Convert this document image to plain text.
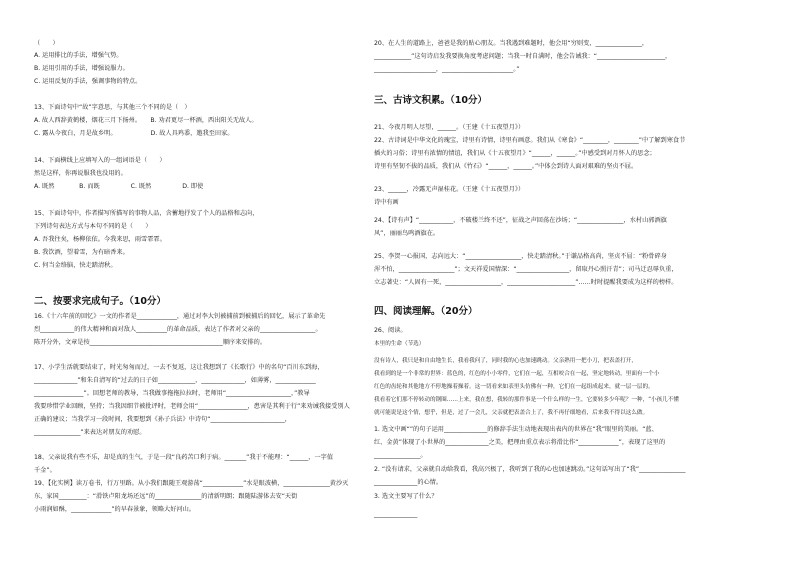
（　　）
A. 运用排比的手法，增强气势。
B. 运用引用的手法，增强说服力。
C. 运用反复的手法，强调事物的特点。
13、下面诗句中“故”字意思，与其他三个不同的是（　）
A. 故人西辞黄鹤楼，烟花三月下扬州。　　B. 劝君更尽一杯酒，西出阳关无故人。
C. 露从今夜白，月是故乡明。　　　　　　D. 故人具鸡黍，邀我至田家。
14、下面横线上应填写入的一组词语是（　　）
然是这样，你再说服我也没用的。
A. 既然　　　　B. 而既　　　　　C. 既然　　　　　D. 即使
15、下面诗句中，作者描写所描写的事物人品，含蓄地抒发了个人的品格和志向，
下列诗句表达方式与本句不同的是（　　）
A. 吾我往矣，杨柳依依。今我来思，雨雪霏霏。
B. 我饮酒，望着雪，为有暗香来。
C. 何当金络脑，快走踏清秋。
二、按要求完成句子。（10分）
16.《十六年前的回忆》一文的作者是_____________，通过对李大钊被捕前到被捕后的回忆，展示了革命先
烈___________的伟大精神和面对敌人__________的革命品质，表达了作者对父亲的__________________。
陈开分外，文章是按___________________________________________顺序来安排的。
17、小学生活就要结束了，时光匆匆而过，一去不复返，这让我想到了《长歌行》中的名句“百川东到海，
______________”和朱自清写的“过去的日子如____________，______________，如薄雾，_____________
________________”。回想老师的教导，当我做事拖拖拉拉时，老师用“_____________________，”教导
我要珍惜学业回顾，坚持；当我因细节被批评时，老师会用“________________，患害是其利于行”来劝诫我接受别人
正确的建议；当我学习一段时间，我要想到《孙子兵法》中诗句“________________________，
_______________”来表达对朋友的劝慰。
18、父亲说我有些不乐，却是真的生气，于是一段“良药苦口利于病。_______”我于不能理：“______，一字值
千金”。
19、【化实例】读万卷书，行万里路。从小我们跟随王观游荡“_____________”水是眼波横，_______________黄沙灭
东，家国_________：“滑铁卢阳龙场还远”的_______________的清新明朗；跟随陆游体去安“天街
小雨润如酥，_____________”的早春景象，领略大好河山。
20、在人生的道路上，爸爸是我的贴心朋友。当我遇到难题时，他会用“穷则变，_______________，
____________”这句诗启发我要换角度考虑问题；当我一时自满时，他会告诫我：“______________________，
____________________，_______________________。”
三、古诗文积累。（10分）
21、今夜月明人尽望，______。（王建《十五夜望月》）
22、古诗词是中华文化的瑰宝，诗里有诗情，诗里有画意。我们从《寒食》“________，________”中了解到寒食节
插火的习俗；诗里有浓情的情谊，我们从《十五夜望月》“______，______。”中感受到对月怀人的思念；
诗里有坚韧不拔的品质，我们从《竹石》“______，______。”中体会到诗人面对艰难的坚贞不屈。
23、______，冷露无声湿桂花。（王建《十五夜望月》）
诗中有画
24、【诗有声】“___________，不破楼兰终不还”，征战之声回荡在沙场；“_______________，水村山郭酒旗
风”，丽丽鸟鸣酒旗在。
25、李贺一心报国，志向远大：“__________________，快走踏清秋。”于谦品格高尚，坚贞不屈：“粉骨碎身
浑不怕，__________________”；文天祥爱国情深：“_________________，留取丹心照汗青”；司马迁忍辱负重，
立志著史：“人固有一死，__________________，______________________”……时时提醒我要成为这样的榜样。
四、阅读理解。（20分）
26、阅读。
本里的生命（节选）
没有诗人，我只是和自由地生长，我看我问了，同时我的心也加速跳动。父亲熟用一把小刀，把表盖打开，
我看到的是一个非常的世界：蓝色的，红色的小小零件，它们在一起，互相咬合在一起，坚定地转动，里面有一个小
红色的齿轮和其他地方不停地操着操着。这一切看来如表里头仿佛有一种，它们在一起组成起来，就一层一层的。
我看着它们那不停转动的钢圈……上来，我在想，我转的那件事是一个什么样的一生，它要转多少年呢？一种，“小孩儿不懂
就可能说是这个情，想乎，但是，过了一会儿，父亲就把表盖合上了，我不再仔细地看，后来我不得以这么做。
1. 选文中画“”的句子运用______________的修辞手法生动地表现出表内的世界在“我”眼里的美丽。“蓝、
红、金黄”体现了小世界的______________之美，把理由重点表示将滑比作“_____________”，表现了这里的
_______________。
2. “没有请求，父亲就自动给我看，我高兴极了，我听到了我的心也加速跳动。”这句话写出了“我”_______________
______________的心情。
3. 选文主要写了什么？
______________
